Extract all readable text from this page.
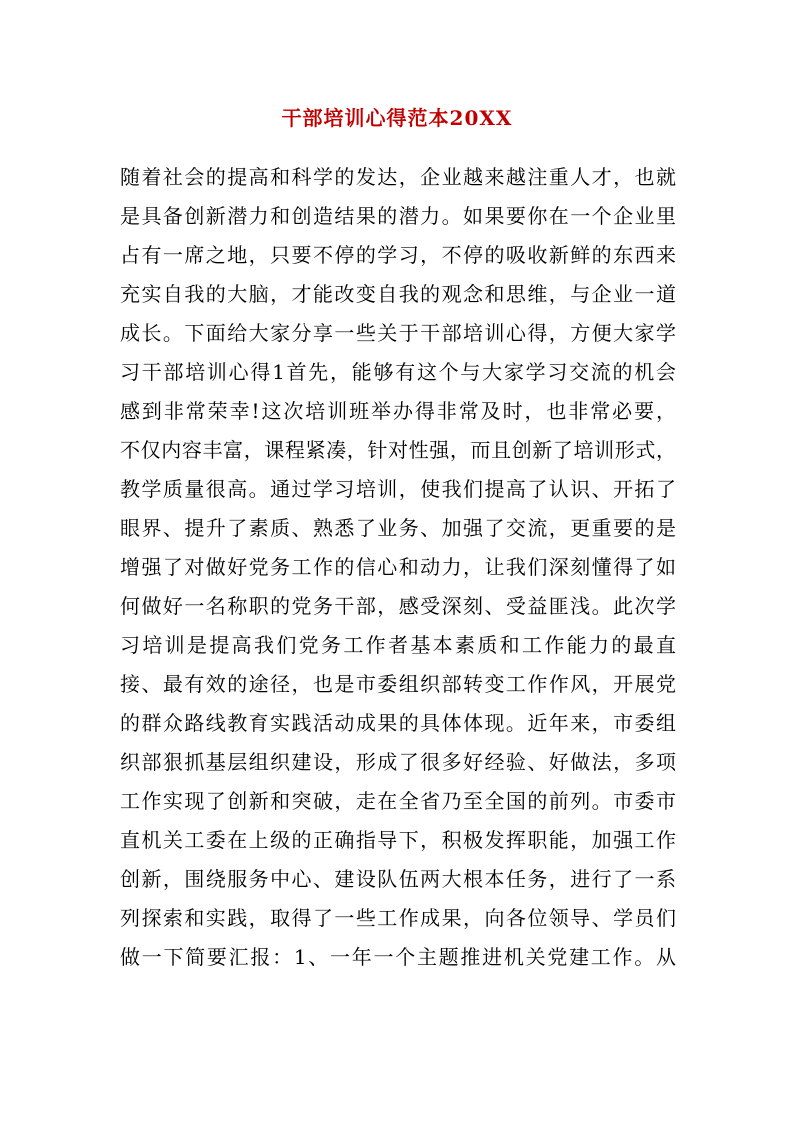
干部培训心得范本20XX
随着社会的提高和科学的发达，企业越来越注重人才，也就
是具备创新潜力和创造结果的潜力。如果要你在一个企业里
占有一席之地，只要不停的学习，不停的吸收新鲜的东西来
充实自我的大脑，才能改变自我的观念和思维，与企业一道
成长。下面给大家分享一些关于干部培训心得，方便大家学
习干部培训心得1首先，能够有这个与大家学习交流的机会
感到非常荣幸!这次培训班举办得非常及时，也非常必要，
不仅内容丰富，课程紧凑，针对性强，而且创新了培训形式，
教学质量很高。通过学习培训，使我们提高了认识、开拓了
眼界、提升了素质、熟悉了业务、加强了交流，更重要的是
增强了对做好党务工作的信心和动力，让我们深刻懂得了如
何做好一名称职的党务干部，感受深刻、受益匪浅。此次学
习培训是提高我们党务工作者基本素质和工作能力的最直
接、最有效的途径，也是市委组织部转变工作作风，开展党
的群众路线教育实践活动成果的具体体现。近年来，市委组
织部狠抓基层组织建设，形成了很多好经验、好做法，多项
工作实现了创新和突破，走在全省乃至全国的前列。市委市
直机关工委在上级的正确指导下，积极发挥职能，加强工作
创新，围绕服务中心、建设队伍两大根本任务，进行了一系
列探索和实践，取得了一些工作成果，向各位领导、学员们
做一下简要汇报：1、一年一个主题推进机关党建工作。从
